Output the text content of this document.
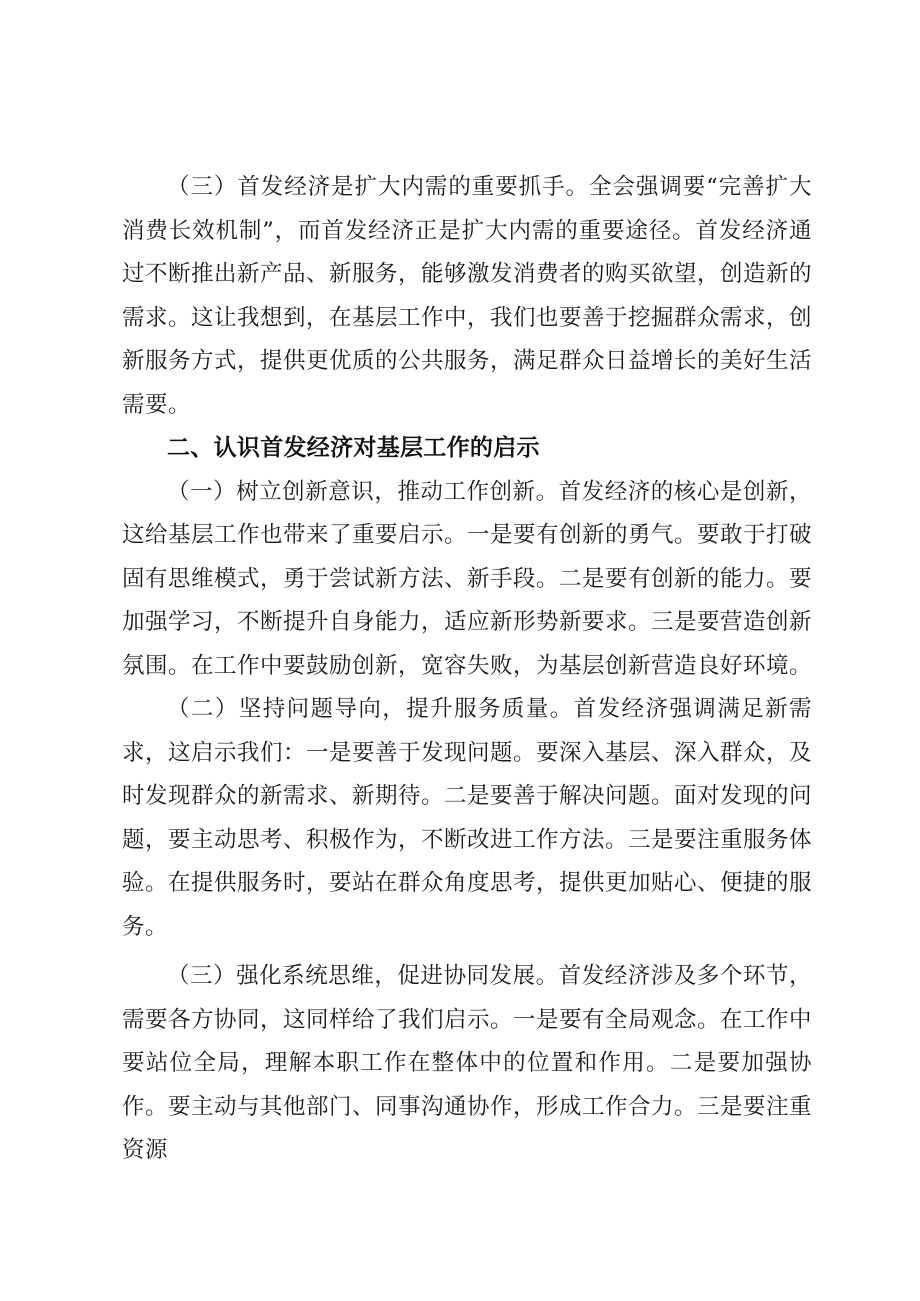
（三）首发经济是扩大内需的重要抓手。全会强调要“完善扩大消费长效机制”，而首发经济正是扩大内需的重要途径。首发经济通过不断推出新产品、新服务，能够激发消费者的购买欲望，创造新的需求。这让我想到，在基层工作中，我们也要善于挖掘群众需求，创新服务方式，提供更优质的公共服务，满足群众日益增长的美好生活需要。

二、认识首发经济对基层工作的启示

（一）树立创新意识，推动工作创新。首发经济的核心是创新，这给基层工作也带来了重要启示。一是要有创新的勇气。要敢于打破固有思维模式，勇于尝试新方法、新手段。二是要有创新的能力。要加强学习，不断提升自身能力，适应新形势新要求。三是要营造创新氛围。在工作中要鼓励创新，宽容失败，为基层创新营造良好环境。

（二）坚持问题导向，提升服务质量。首发经济强调满足新需求，这启示我们：一是要善于发现问题。要深入基层、深入群众，及时发现群众的新需求、新期待。二是要善于解决问题。面对发现的问题，要主动思考、积极作为，不断改进工作方法。三是要注重服务体验。在提供服务时，要站在群众角度思考，提供更加贴心、便捷的服务。

（三）强化系统思维，促进协同发展。首发经济涉及多个环节，需要各方协同，这同样给了我们启示。一是要有全局观念。在工作中要站位全局，理解本职工作在整体中的位置和作用。二是要加强协作。要主动与其他部门、同事沟通协作，形成工作合力。三是要注重资源
